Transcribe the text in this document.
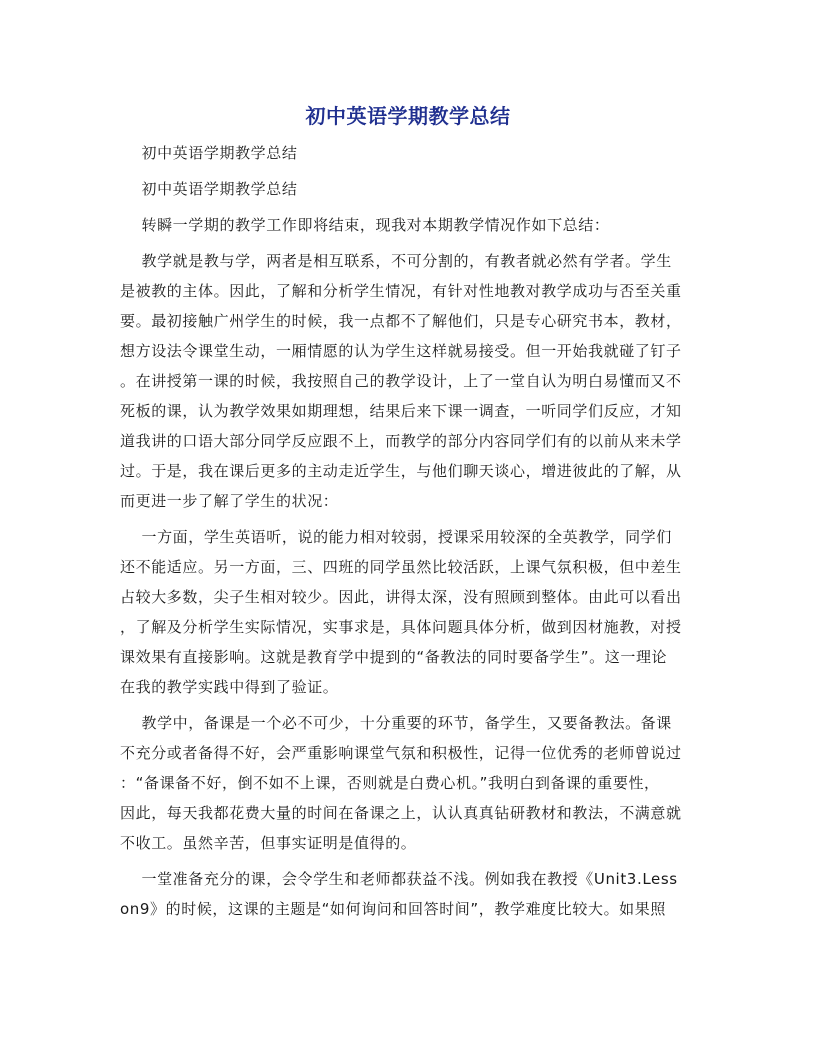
初中英语学期教学总结
初中英语学期教学总结
初中英语学期教学总结
转瞬一学期的教学工作即将结束，现我对本期教学情况作如下总结：
教学就是教与学，两者是相互联系，不可分割的，有教者就必然有学者。学生
是被教的主体。因此，了解和分析学生情况，有针对性地教对教学成功与否至关重
要。最初接触广州学生的时候，我一点都不了解他们，只是专心研究书本，教材，
想方设法令课堂生动，一厢情愿的认为学生这样就易接受。但一开始我就碰了钉子
。在讲授第一课的时候，我按照自己的教学设计，上了一堂自认为明白易懂而又不
死板的课，认为教学效果如期理想，结果后来下课一调查，一听同学们反应，才知
道我讲的口语大部分同学反应跟不上，而教学的部分内容同学们有的以前从来未学
过。于是，我在课后更多的主动走近学生，与他们聊天谈心，增进彼此的了解，从
而更进一步了解了学生的状况：
一方面，学生英语听，说的能力相对较弱，授课采用较深的全英教学，同学们
还不能适应。另一方面，三、四班的同学虽然比较活跃，上课气氛积极，但中差生
占较大多数，尖子生相对较少。因此，讲得太深，没有照顾到整体。由此可以看出
，了解及分析学生实际情况，实事求是，具体问题具体分析，做到因材施教，对授
课效果有直接影响。这就是教育学中提到的“备教法的同时要备学生”。这一理论
在我的教学实践中得到了验证。
教学中，备课是一个必不可少，十分重要的环节，备学生，又要备教法。备课
不充分或者备得不好，会严重影响课堂气氛和积极性，记得一位优秀的老师曾说过
：“备课备不好，倒不如不上课，否则就是白费心机。”我明白到备课的重要性，
因此，每天我都花费大量的时间在备课之上，认认真真钻研教材和教法，不满意就
不收工。虽然辛苦，但事实证明是值得的。
一堂准备充分的课，会令学生和老师都获益不浅。例如我在教授《Unit3.Less
on9》的时候，这课的主题是“如何询问和回答时间”，教学难度比较大。如果照
